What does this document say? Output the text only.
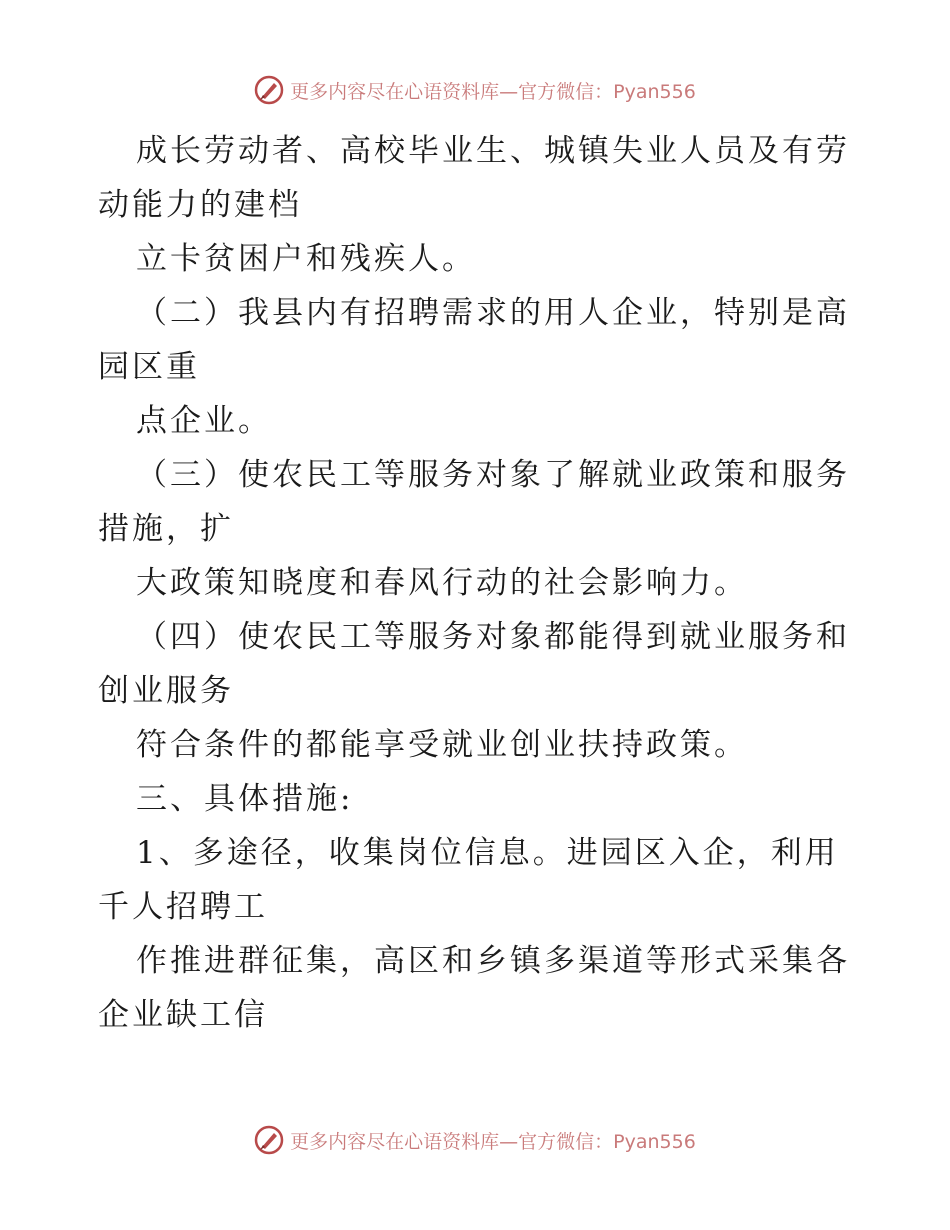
更多内容尽在心语资料库—官方微信：Pyan556
成长劳动者、高校毕业生、城镇失业人员及有劳
动能力的建档
立卡贫困户和残疾人。
（二）我县内有招聘需求的用人企业，特别是高
园区重
点企业。
（三）使农民工等服务对象了解就业政策和服务
措施，扩
大政策知晓度和春风行动的社会影响力。
（四）使农民工等服务对象都能得到就业服务和
创业服务
符合条件的都能享受就业创业扶持政策。
三、具体措施:
1、多途径，收集岗位信息。进园区入企，利用
千人招聘工
作推进群征集，高区和乡镇多渠道等形式采集各
企业缺工信
更多内容尽在心语资料库—官方微信：Pyan556
